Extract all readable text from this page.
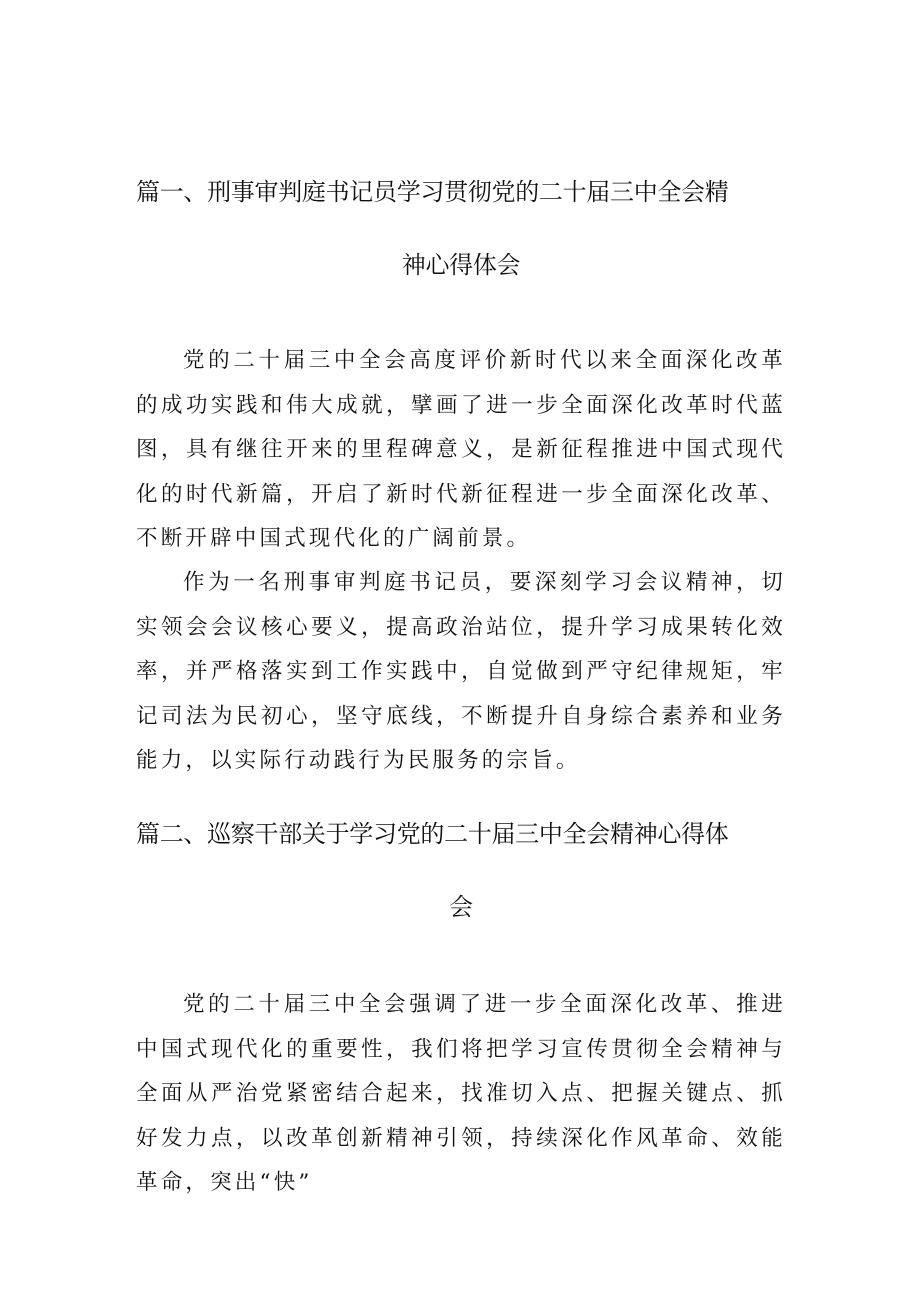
篇一、刑事审判庭书记员学习贯彻党的二十届三中全会精
神心得体会

党的二十届三中全会高度评价新时代以来全面深化改革的成功实践和伟大成就，擘画了进一步全面深化改革时代蓝图，具有继往开来的里程碑意义，是新征程推进中国式现代化的时代新篇，开启了新时代新征程进一步全面深化改革、不断开辟中国式现代化的广阔前景。

作为一名刑事审判庭书记员，要深刻学习会议精神，切实领会会议核心要义，提高政治站位，提升学习成果转化效率，并严格落实到工作实践中，自觉做到严守纪律规矩，牢记司法为民初心，坚守底线，不断提升自身综合素养和业务能力，以实际行动践行为民服务的宗旨。

篇二、巡察干部关于学习党的二十届三中全会精神心得体
会

党的二十届三中全会强调了进一步全面深化改革、推进中国式现代化的重要性，我们将把学习宣传贯彻全会精神与全面从严治党紧密结合起来，找准切入点、把握关键点、抓好发力点，以改革创新精神引领，持续深化作风革命、效能革命，突出“快”
